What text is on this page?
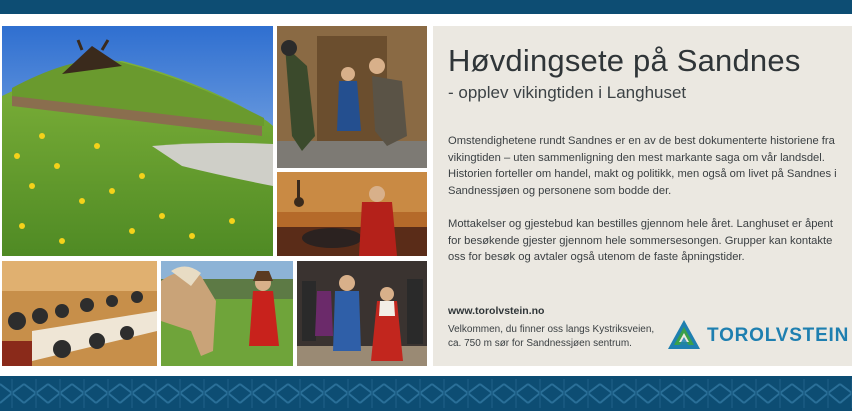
Høvdingsete på Sandnes

- opplev vikingtiden i Langhuset

Omstendighetene rundt Sandnes er en av de best dokumenterte historiene fra vikingtiden – uten sammenligning den mest markante saga om vår landsdel. Historien forteller om handel, makt og politikk, men også om livet på Sandnes i Sandnessjøen og personene som bodde der.

Mottakelser og gjestebud kan bestilles gjennom hele året. Langhuset er åpent for besøkende gjester gjennom hele sommersesongen. Grupper kan kontakte oss for besøk og avtaler også utenom de faste åpningstider.

www.torolvstein.no

Velkommen, du finner oss langs Kystriksveien, ca. 750 m sør for Sandnessjøen sentrum.	TOROLVSTEIN
